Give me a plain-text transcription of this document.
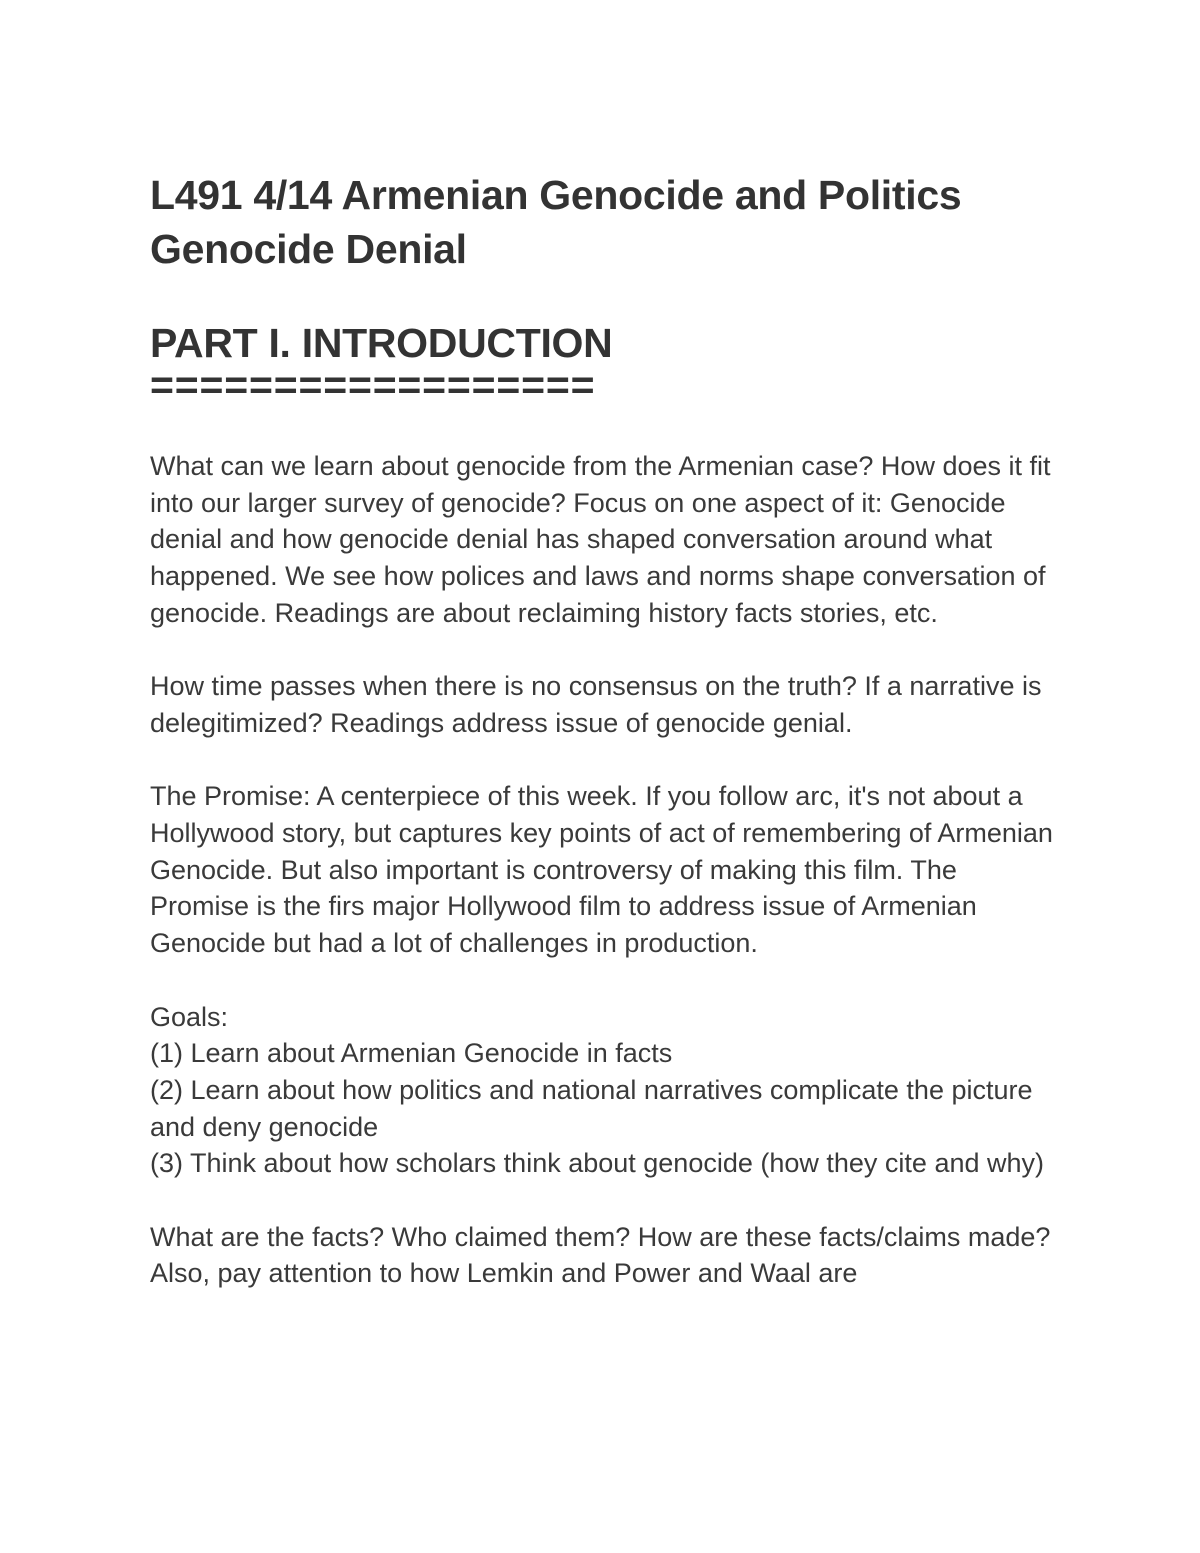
L491 4/14 Armenian Genocide and Politics
Genocide Denial
PART I. INTRODUCTION
==================

What can we learn about genocide from the Armenian case? How does it fit into our larger survey of genocide? Focus on one aspect of it: Genocide denial and how genocide denial has shaped conversation around what happened. We see how polices and laws and norms shape conversation of genocide. Readings are about reclaiming history facts stories, etc.

How time passes when there is no consensus on the truth? If a narrative is delegitimized? Readings address issue of genocide genial.

The Promise: A centerpiece of this week. If you follow arc, it's not about a Hollywood story, but captures key points of act of remembering of Armenian Genocide. But also important is controversy of making this film. The Promise is the firs major Hollywood film to address issue of Armenian Genocide but had a lot of challenges in production.

Goals:

(1) Learn about Armenian Genocide in facts
(2) Learn about how politics and national narratives complicate the picture and deny genocide
(3) Think about how scholars think about genocide (how they cite and why)

What are the facts? Who claimed them? How are these facts/claims made? Also, pay attention to how Lemkin and Power and Waal are
